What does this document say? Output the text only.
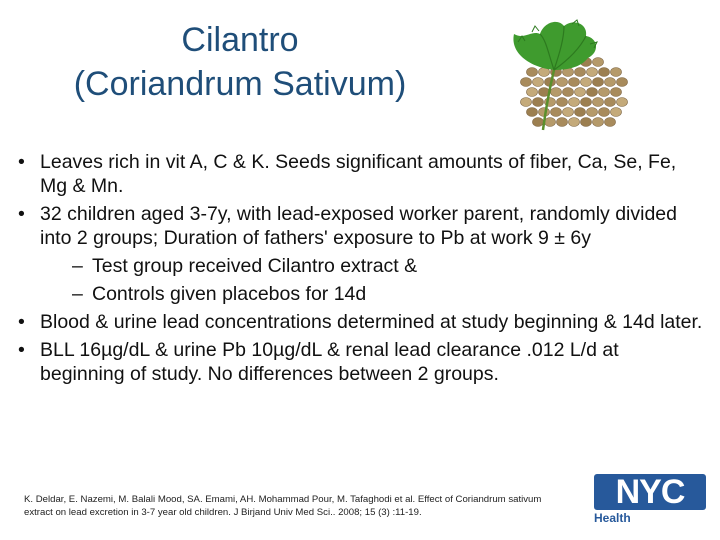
Cilantro
(Coriandrum Sativum)
• Leaves rich in vit A, C & K. Seeds significant amounts of fiber, Ca, Se, Fe, Mg & Mn.
• 32 children aged 3-7y, with lead-exposed worker parent, randomly divided into 2 groups; Duration of fathers' exposure to Pb at work 9 ± 6y
– Test group received Cilantro extract &
– Controls given placebos for 14d
• Blood & urine lead concentrations determined at study beginning & 14d later.
• BLL 16µg/dL & urine Pb 10µg/dL & renal lead clearance .012 L/d at beginning of study. No differences between 2 groups.
K. Deldar, E. Nazemi, M. Balali Mood, SA. Emami, AH. Mohammad Pour, M. Tafaghodi et al. Effect of Coriandrum sativum extract on lead excretion in 3-7 year old children. J Birjand Univ Med Sci.. 2008; 15 (3) :11-19.
NYC
Health
